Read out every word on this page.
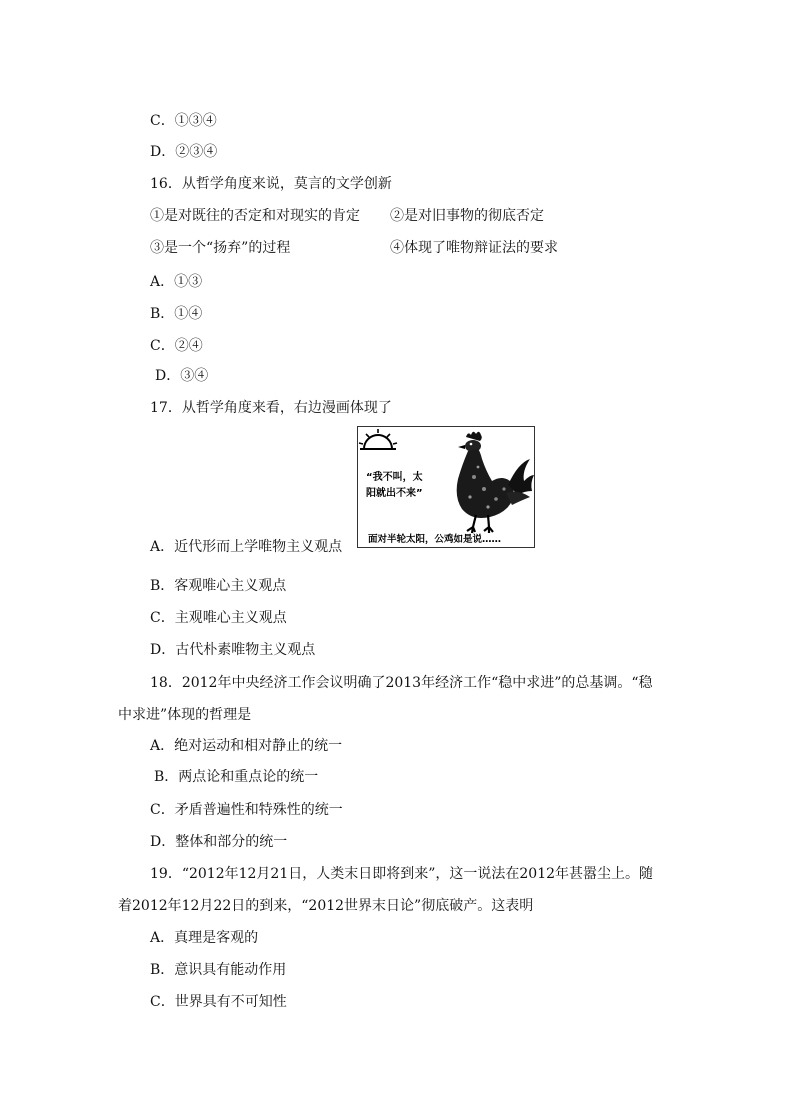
C．①③④
D．②③④
16．从哲学角度来说，莫言的文学创新
①是对既往的否定和对现实的肯定 ②是对旧事物的彻底否定
③是一个“扬弃”的过程	④体现了唯物辩证法的要求
A．①③
B．①④
C．②④
D．③④
17．从哲学角度来看，右边漫画体现了
“我不叫，太
阳就出不来”
面对半轮太阳，公鸡如是说……
A．近代形而上学唯物主义观点
B．客观唯心主义观点
C．主观唯心主义观点
D．古代朴素唯物主义观点
18．2012年中央经济工作会议明确了2013年经济工作“稳中求进”的总基调。“稳
中求进”体现的哲理是
A．绝对运动和相对静止的统一
B．两点论和重点论的统一
C．矛盾普遍性和特殊性的统一
D．整体和部分的统一
19．“2012年12月21日，人类末日即将到来”，这一说法在2012年甚嚣尘上。随
着2012年12月22日的到来，“2012世界末日论”彻底破产。这表明
A．真理是客观的
B．意识具有能动作用
C．世界具有不可知性
